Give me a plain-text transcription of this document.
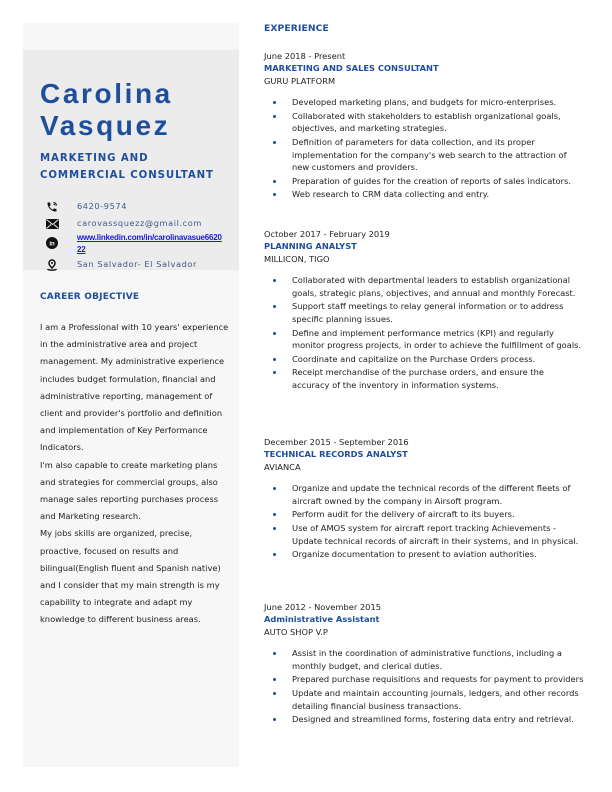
Carolina
Vasquez
MARKETING AND
COMMERCIAL CONSULTANT
6420-9574
carovassquezz@gmail.com
in
www.linkedin.com/in/carolinavasue662022
San Salvador- El Salvador
CAREER OBJECTIVE

I am a Professional with 10 years' experience in the administrative area and project management. My administrative experience includes budget formulation, financial and administrative reporting, management of client and provider's portfolio and definition and implementation of Key Performance Indicators.

I'm also capable to create marketing plans and strategies for commercial groups, also manage sales reporting purchases process and Marketing research.

My jobs skills are organized, precise, proactive, focused on results and bilingual(English fluent and Spanish native) and I consider that my main strength is my capability to integrate and adapt my knowledge to different business areas.

EXPERIENCE
June 2018 - Present
MARKETING AND SALES CONSULTANT
GURU PLATFORM
Developed marketing plans, and budgets for micro-enterprises.
Collaborated with stakeholders to establish organizational goals, objectives, and marketing strategies.
Definition of parameters for data collection, and its proper implementation for the company's web search to the attraction of new customers and providers.
Preparation of guides for the creation of reports of sales indicators.
Web research to CRM data collecting and entry.
October 2017 - February 2019
PLANNING ANALYST
MILLICON, TIGO
Collaborated with departmental leaders to establish organizational goals, strategic plans, objectives, and annual and monthly Forecast.
Support staff meetings to relay general information or to address specific planning issues.
Define and implement performance metrics (KPI) and regularly monitor progress projects, in order to achieve the fulfillment of goals.
Coordinate and capitalize on the Purchase Orders process.
Receipt merchandise of the purchase orders, and ensure the accuracy of the inventory in information systems.
December 2015 - September 2016
TECHNICAL RECORDS ANALYST
AVIANCA
Organize and update the technical records of the different fleets of aircraft owned by the company in Airsoft program.
Perform audit for the delivery of aircraft to its buyers.
Use of AMOS system for aircraft report tracking Achievements - Update technical records of aircraft in their systems, and in physical.
Organize documentation to present to aviation authorities.
June 2012 - November 2015
Administrative Assistant
AUTO SHOP V.P
Assist in the coordination of administrative functions, including a monthly budget, and clerical duties.
Prepared purchase requisitions and requests for payment to providers
Update and maintain accounting journals, ledgers, and other records detailing financial business transactions.
Designed and streamlined forms, fostering data entry and retrieval.
